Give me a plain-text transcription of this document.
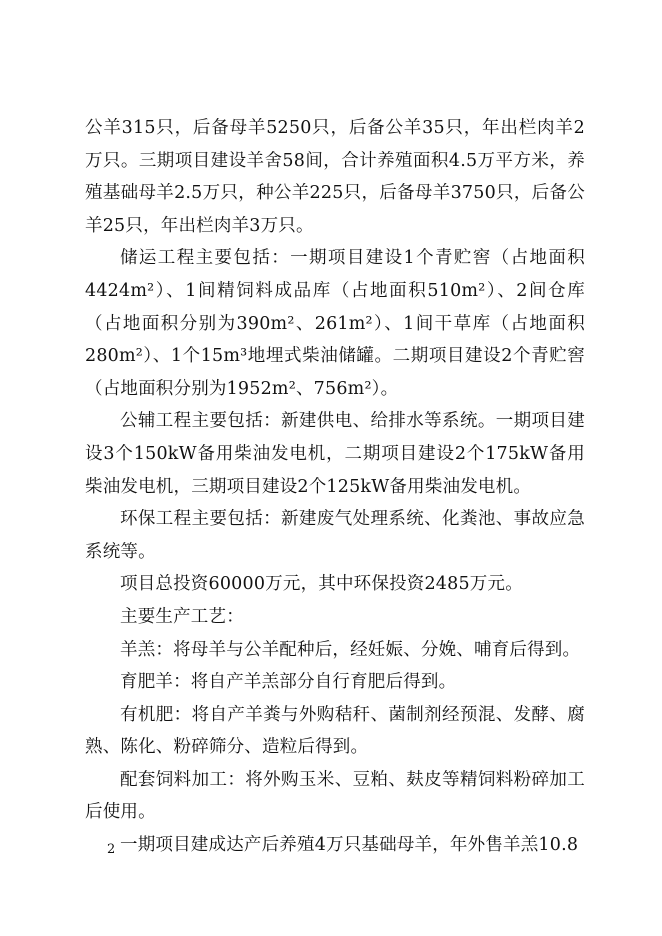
公羊315只，后备母羊5250只，后备公羊35只，年出栏肉羊2万只。三期项目建设羊舍58间，合计养殖面积4.5万平方米，养殖基础母羊2.5万只，种公羊225只，后备母羊3750只，后备公羊25只，年出栏肉羊3万只。

储运工程主要包括：一期项目建设1个青贮窖（占地面积4424m²）、1间精饲料成品库（占地面积510m²）、2间仓库（占地面积分别为390m²、261m²）、1间干草库（占地面积280m²）、1个15m³地埋式柴油储罐。二期项目建设2个青贮窖（占地面积分别为1952m²、756m²）。

公辅工程主要包括：新建供电、给排水等系统。一期项目建设3个150kW备用柴油发电机，二期项目建设2个175kW备用柴油发电机，三期项目建设2个125kW备用柴油发电机。

环保工程主要包括：新建废气处理系统、化粪池、事故应急系统等。

项目总投资60000万元，其中环保投资2485万元。

主要生产工艺：

羊羔：将母羊与公羊配种后，经妊娠、分娩、哺育后得到。

育肥羊：将自产羊羔部分自行育肥后得到。

有机肥：将自产羊粪与外购秸秆、菌制剂经预混、发酵、腐熟、陈化、粉碎筛分、造粒后得到。

配套饲料加工：将外购玉米、豆粕、麸皮等精饲料粉碎加工后使用。

一期项目建成达产后养殖4万只基础母羊，年外售羊羔10.8

2
